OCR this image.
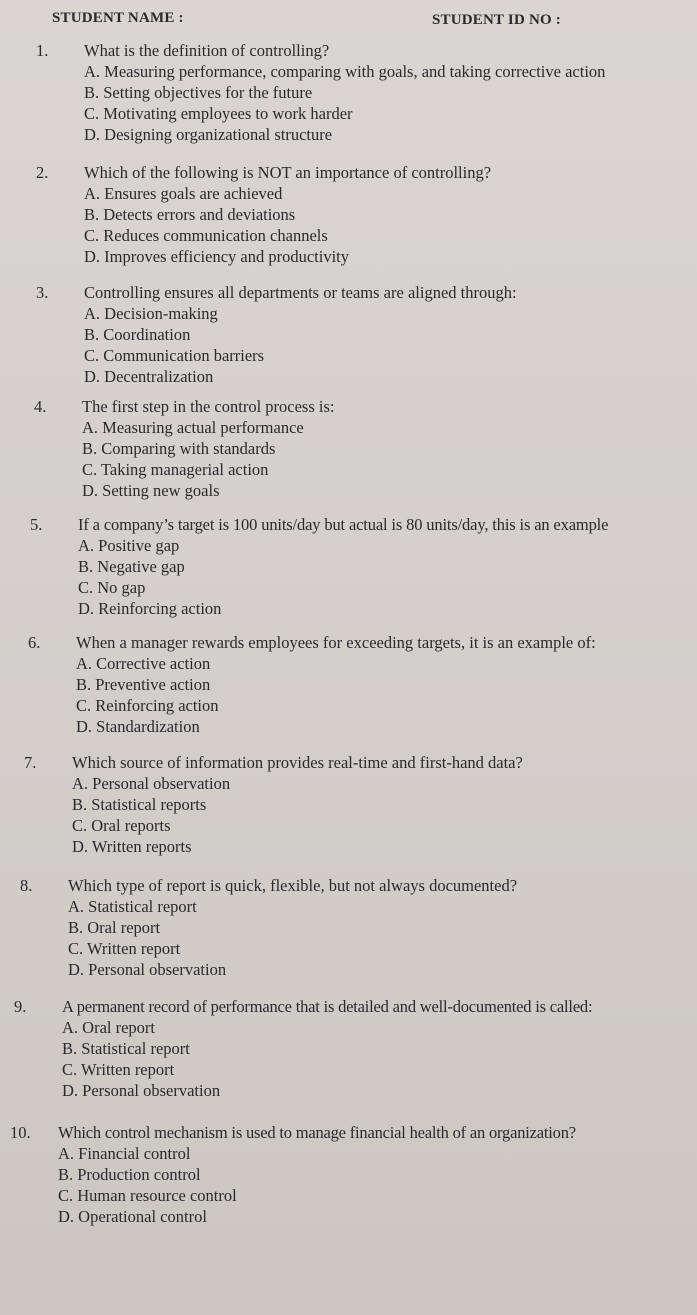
STUDENT NAME :	STUDENT ID NO :
1. What is the definition of controlling?
A. Measuring performance, comparing with goals, and taking corrective action
B. Setting objectives for the future
C. Motivating employees to work harder
D. Designing organizational structure
2. Which of the following is NOT an importance of controlling?
A. Ensures goals are achieved
B. Detects errors and deviations
C. Reduces communication channels
D. Improves efficiency and productivity
3. Controlling ensures all departments or teams are aligned through:
A. Decision-making
B. Coordination
C. Communication barriers
D. Decentralization
4. The first step in the control process is:
A. Measuring actual performance
B. Comparing with standards
C. Taking managerial action
D. Setting new goals
5. If a company’s target is 100 units/day but actual is 80 units/day, this is an example
A. Positive gap
B. Negative gap
C. No gap
D. Reinforcing action
6. When a manager rewards employees for exceeding targets, it is an example of:
A. Corrective action
B. Preventive action
C. Reinforcing action
D. Standardization
7. Which source of information provides real-time and first-hand data?
A. Personal observation
B. Statistical reports
C. Oral reports
D. Written reports
8. Which type of report is quick, flexible, but not always documented?
A. Statistical report
B. Oral report
C. Written report
D. Personal observation
9. A permanent record of performance that is detailed and well-documented is called:
A. Oral report
B. Statistical report
C. Written report
D. Personal observation
10. Which control mechanism is used to manage financial health of an organization?
A. Financial control
B. Production control
C. Human resource control
D. Operational control
